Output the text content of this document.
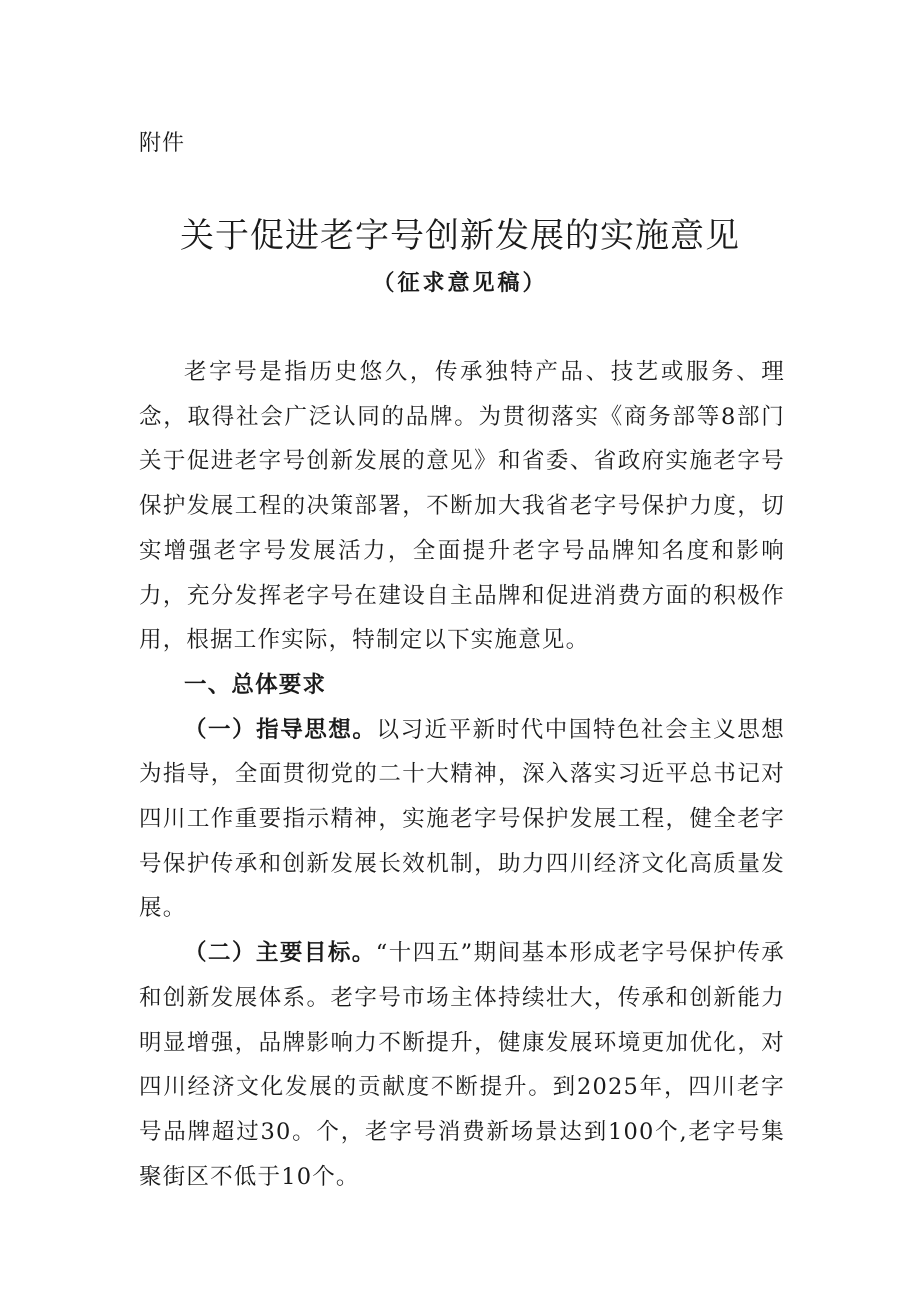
附件
关于促进老字号创新发展的实施意见
（征求意见稿）

老字号是指历史悠久，传承独特产品、技艺或服务、理念，取得社会广泛认同的品牌。为贯彻落实《商务部等8部门关于促进老字号创新发展的意见》和省委、省政府实施老字号保护发展工程的决策部署，不断加大我省老字号保护力度，切实增强老字号发展活力，全面提升老字号品牌知名度和影响力，充分发挥老字号在建设自主品牌和促进消费方面的积极作用，根据工作实际，特制定以下实施意见。

一、总体要求

（一）指导思想。以习近平新时代中国特色社会主义思想为指导，全面贯彻党的二十大精神，深入落实习近平总书记对四川工作重要指示精神，实施老字号保护发展工程，健全老字号保护传承和创新发展长效机制，助力四川经济文化高质量发展。

（二）主要目标。“十四五”期间基本形成老字号保护传承和创新发展体系。老字号市场主体持续壮大，传承和创新能力明显增强，品牌影响力不断提升，健康发展环境更加优化，对四川经济文化发展的贡献度不断提升。到2025年，四川老字号品牌超过30。个，老字号消费新场景达到100个,老字号集聚街区不低于10个。
